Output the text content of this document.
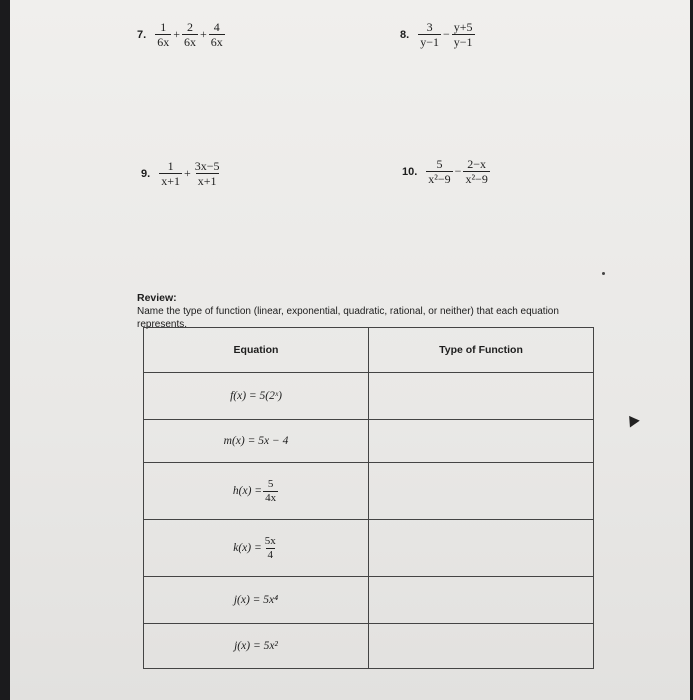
7. $\frac{1}{6x} + \frac{2}{6x} + \frac{4}{6x}$	8. $\frac{3}{y-1} - \frac{y+5}{y-1}$
9. $\frac{1}{x+1} + \frac{3x-5}{x+1}$	10. $\frac{5}{\text{x²−9}} - \frac{2-x}{\text{x²−9}}$
Review:
Name the type of function (linear, exponential, quadratic, rational, or neither) that each equation represents.
Equation	Type of Function
f(x) = 5(2ˣ)	
m(x) = 5x − 4	

$h(x) = \frac{5}{4x}$

$k(x) = \frac{5x}{4}$

j(x) = 5x⁴	
j(x) = 5x²	
